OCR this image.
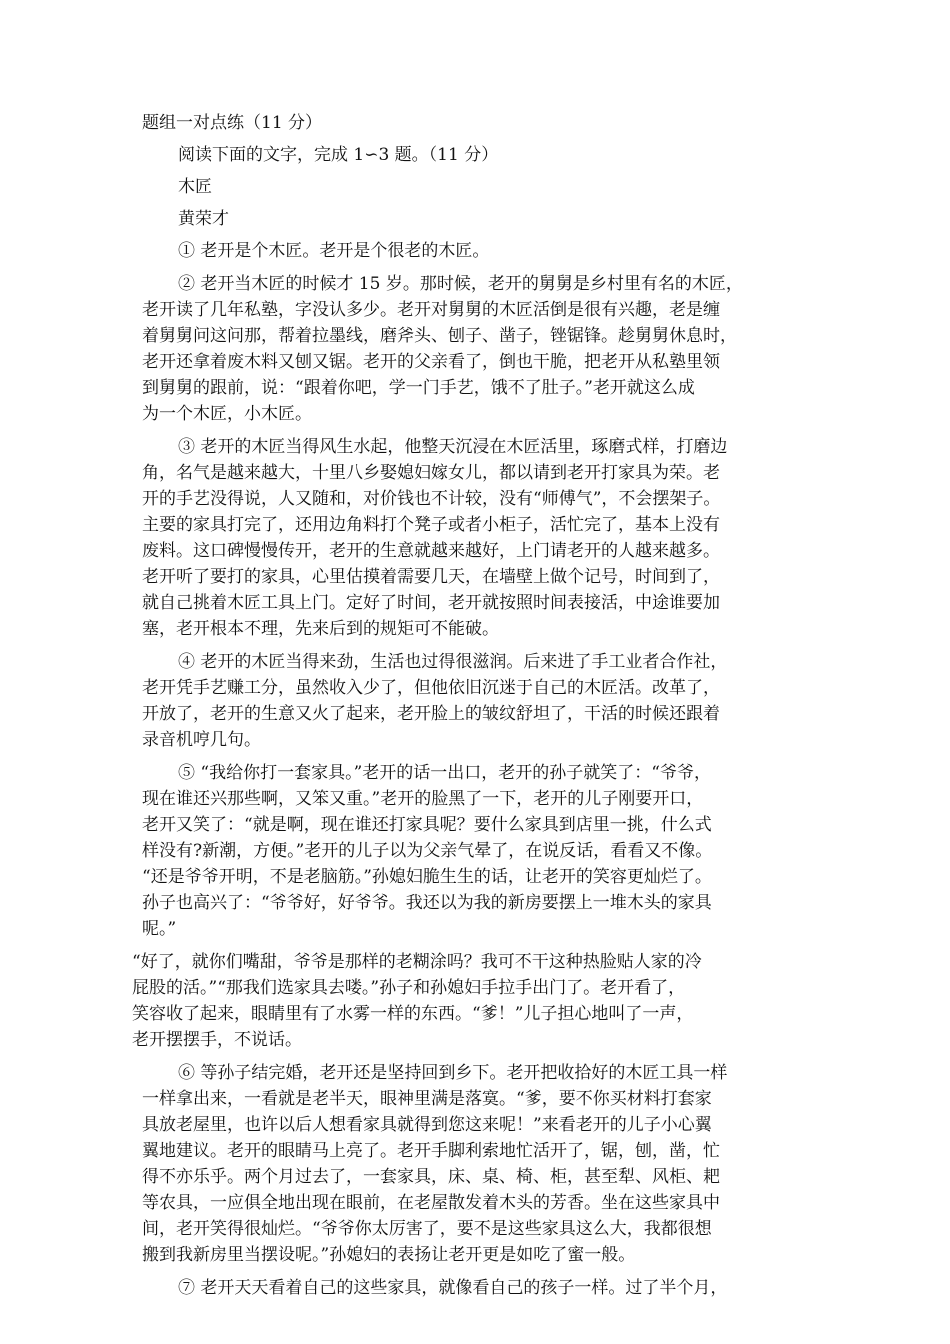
题组一对点练（11 分）
阅读下面的文字，完成 1∽3 题。（11 分）
木匠
黄荣才

① 老开是个木匠。老开是个很老的木匠。

② 老开当木匠的时候才 15 岁。那时候，老开的舅舅是乡村里有名的木匠，

老开读了几年私塾，字没认多少。老开对舅舅的木匠活倒是很有兴趣，老是缠

着舅舅问这问那，帮着拉墨线，磨斧头、刨子、凿子，锉锯锋。趁舅舅休息时，

老开还拿着废木料又刨又锯。老开的父亲看了，倒也干脆，把老开从私塾里领

到舅舅的跟前，说：“跟着你吧，学一门手艺，饿不了肚子。”老开就这么成

为一个木匠，小木匠。

③ 老开的木匠当得风生水起，他整天沉浸在木匠活里，琢磨式样，打磨边

角，名气是越来越大，十里八乡娶媳妇嫁女儿，都以请到老开打家具为荣。老

开的手艺没得说，人又随和，对价钱也不计较，没有“师傅气”，不会摆架子。

主要的家具打完了，还用边角料打个凳子或者小柜子，活忙完了，基本上没有

废料。这口碑慢慢传开，老开的生意就越来越好，上门请老开的人越来越多。

老开听了要打的家具，心里估摸着需要几天，在墙壁上做个记号，时间到了，

就自己挑着木匠工具上门。定好了时间，老开就按照时间表接活，中途谁要加

塞，老开根本不理，先来后到的规矩可不能破。

④ 老开的木匠当得来劲，生活也过得很滋润。后来进了手工业者合作社，

老开凭手艺赚工分，虽然收入少了，但他依旧沉迷于自己的木匠活。改革了，

开放了，老开的生意又火了起来，老开脸上的皱纹舒坦了，干活的时候还跟着

录音机哼几句。

⑤ “我给你打一套家具。”老开的话一出口，老开的孙子就笑了：“爷爷，

现在谁还兴那些啊，又笨又重。”老开的脸黑了一下，老开的儿子刚要开口，

老开又笑了：“就是啊，现在谁还打家具呢？要什么家具到店里一挑，什么式

样没有?新潮，方便。”老开的儿子以为父亲气晕了，在说反话，看看又不像。

“还是爷爷开明，不是老脑筋。”孙媳妇脆生生的话，让老开的笑容更灿烂了。

孙子也高兴了：“爷爷好，好爷爷。我还以为我的新房要摆上一堆木头的家具

呢。”

“好了，就你们嘴甜，爷爷是那样的老糊涂吗？我可不干这种热脸贴人家的冷

屁股的活。”“那我们选家具去喽。”孙子和孙媳妇手拉手出门了。老开看了，

笑容收了起来，眼睛里有了水雾一样的东西。“爹！”儿子担心地叫了一声，

老开摆摆手，不说话。

⑥ 等孙子结完婚，老开还是坚持回到乡下。老开把收拾好的木匠工具一样

一样拿出来，一看就是老半天，眼神里满是落寞。“爹，要不你买材料打套家

具放老屋里，也许以后人想看家具就得到您这来呢！”来看老开的儿子小心翼

翼地建议。老开的眼睛马上亮了。老开手脚利索地忙活开了，锯，刨，凿，忙

得不亦乐乎。两个月过去了，一套家具，床、桌、椅、柜，甚至犁、风柜、耙

等农具，一应俱全地出现在眼前，在老屋散发着木头的芳香。坐在这些家具中

间，老开笑得很灿烂。“爷爷你太厉害了，要不是这些家具这么大，我都很想

搬到我新房里当摆设呢。”孙媳妇的表扬让老开更是如吃了蜜一般。

⑦ 老开天天看着自己的这些家具，就像看自己的孩子一样。过了半个月，
